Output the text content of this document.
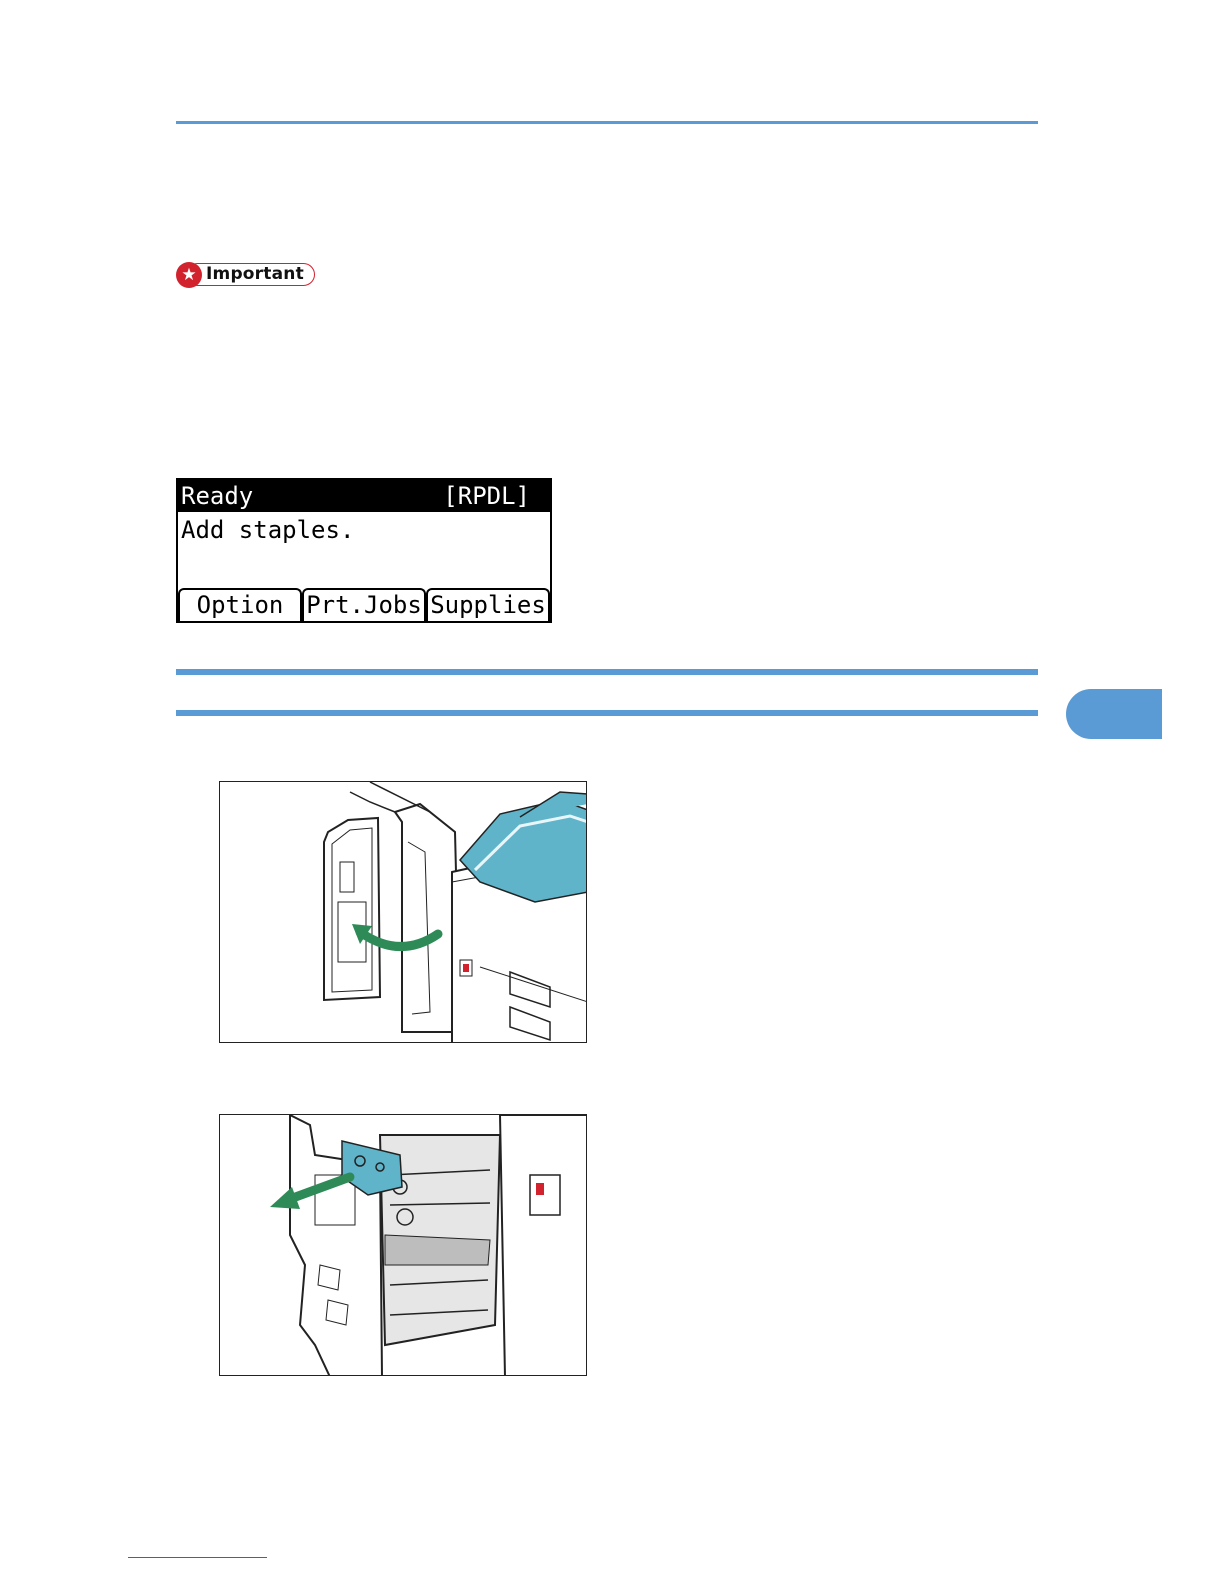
★ Important
Ready	[RPDL]
Add staples.
Option Prt.Jobs Supplies
